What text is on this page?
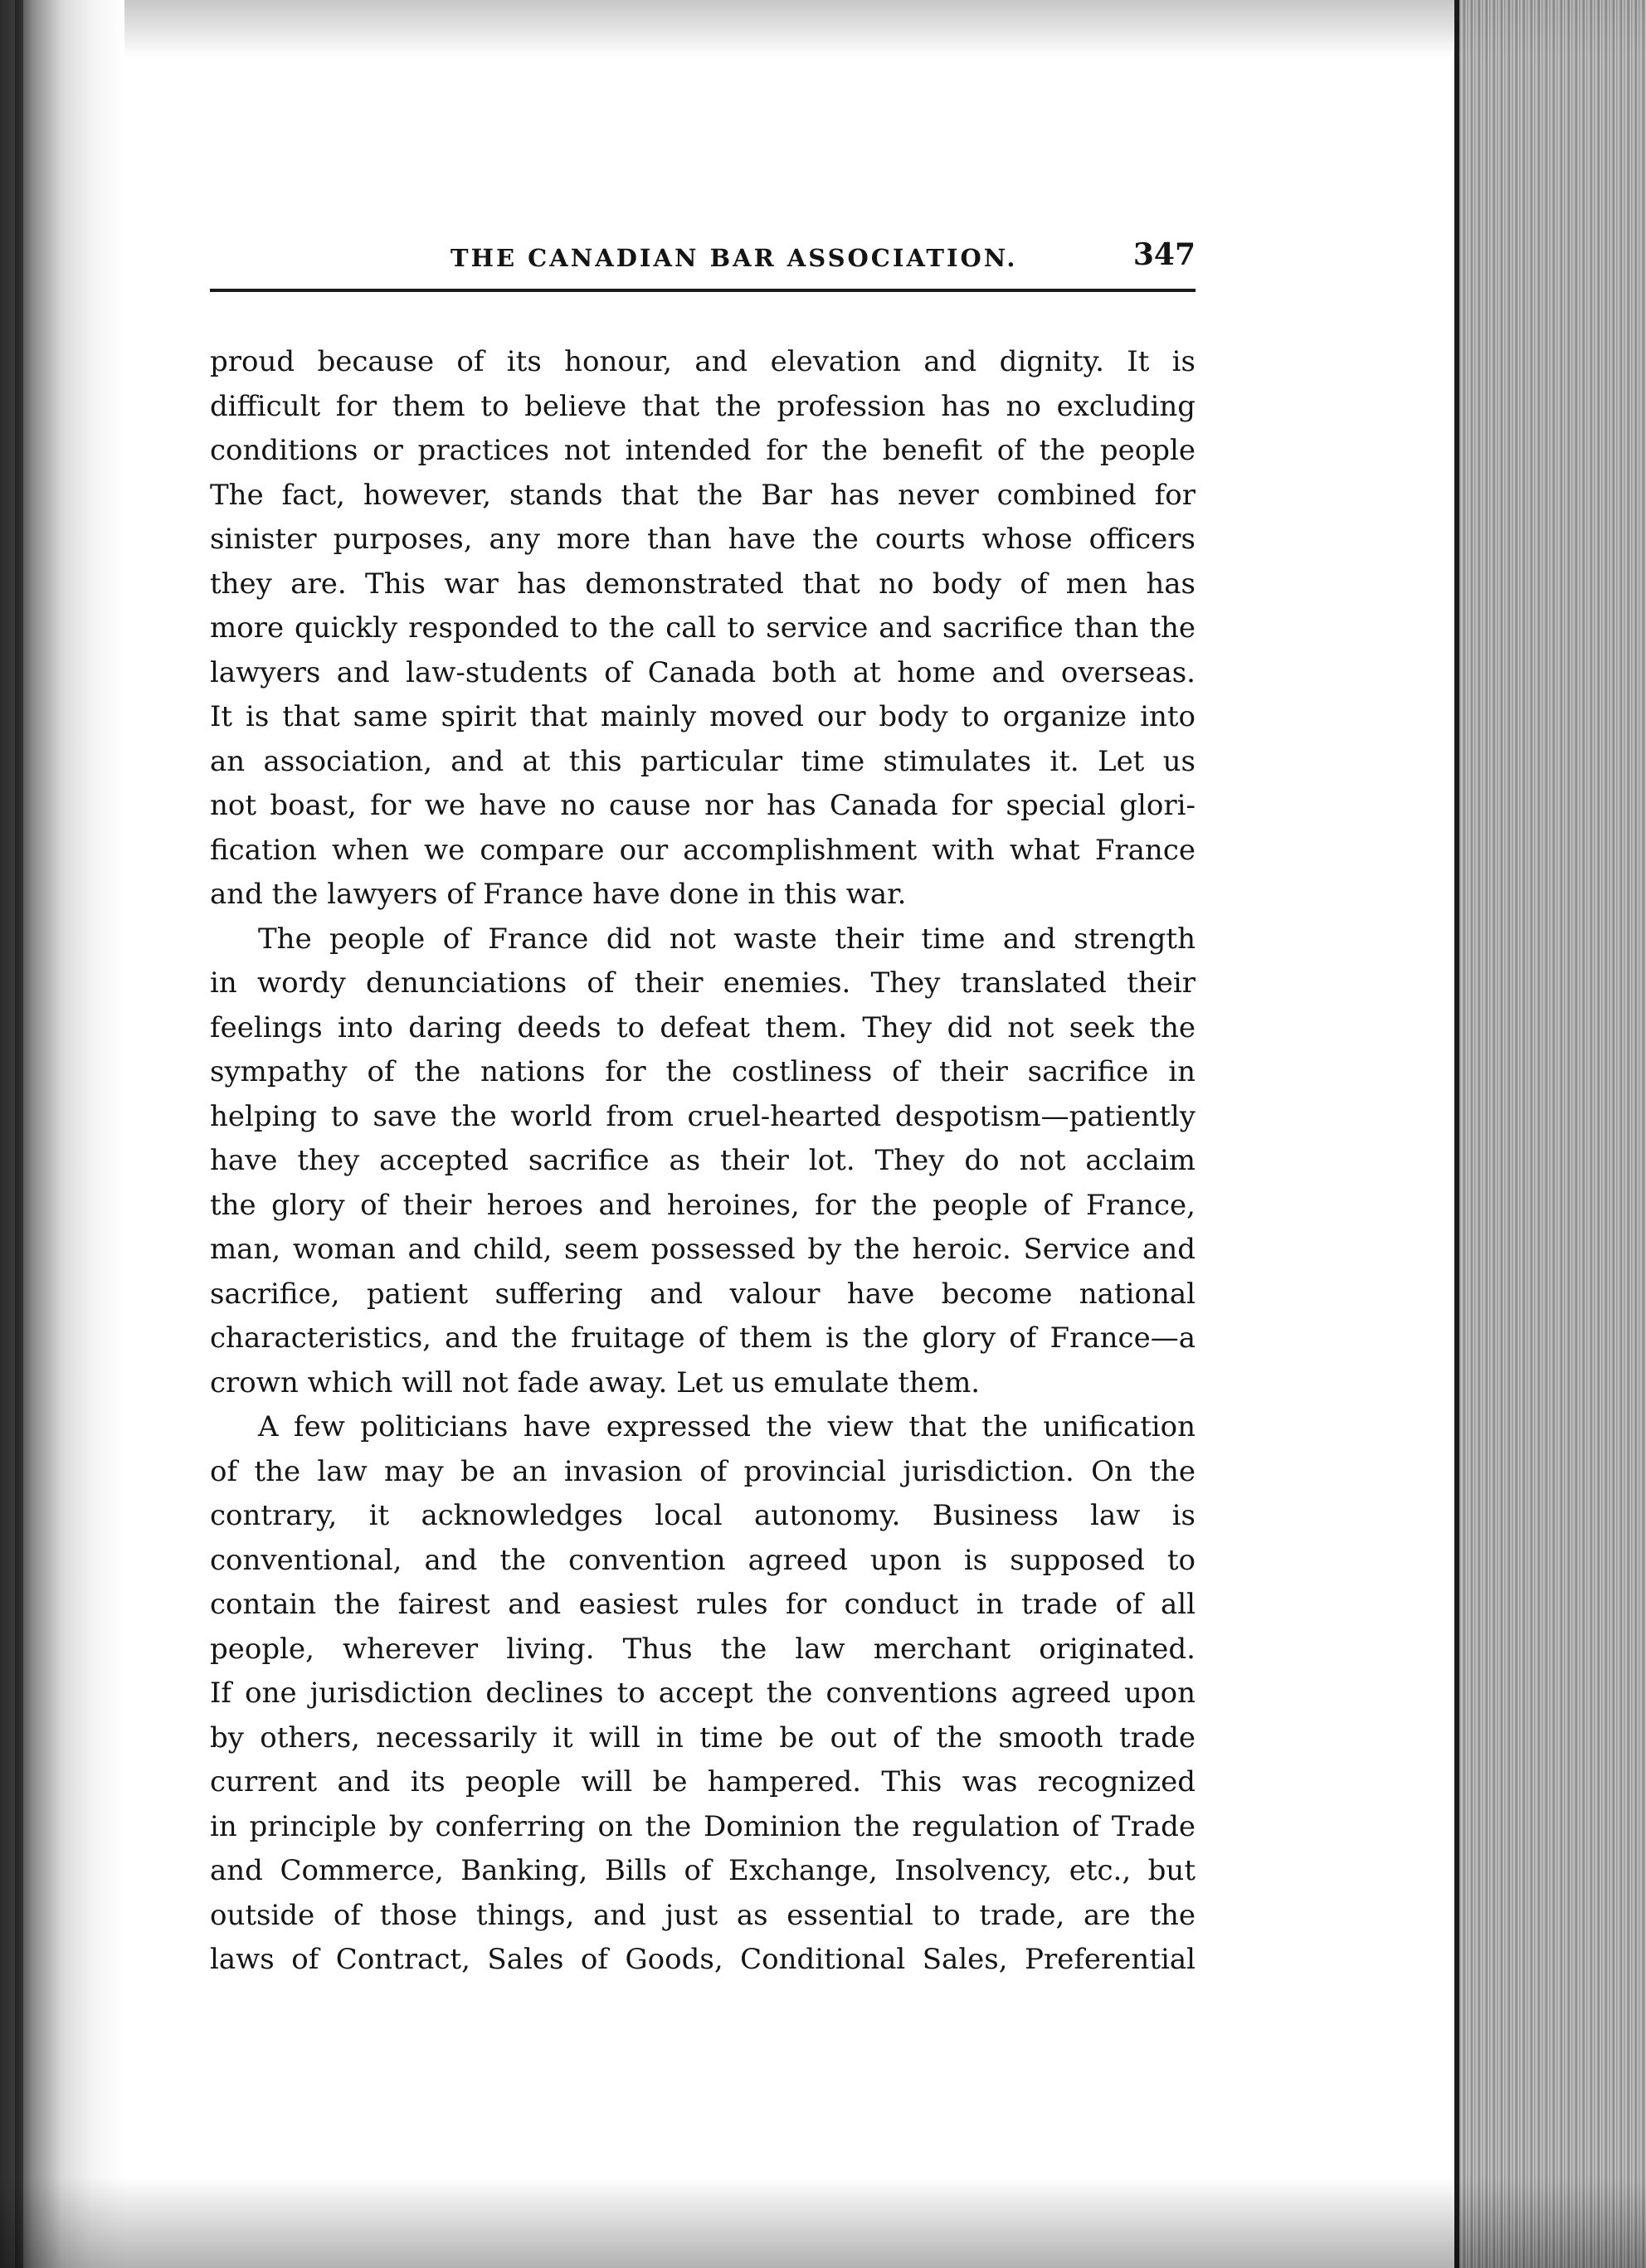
THE CANADIAN BAR ASSOCIATION.	347
proud because of its honour, and elevation and dignity. It is
difficult for them to believe that the profession has no excluding
conditions or practices not intended for the benefit of the people
The fact, however, stands that the Bar has never combined for
sinister purposes, any more than have the courts whose officers
they are. This war has demonstrated that no body of men has
more quickly responded to the call to service and sacrifice than the
lawyers and law-students of Canada both at home and overseas.
It is that same spirit that mainly moved our body to organize into
an association, and at this particular time stimulates it. Let us
not boast, for we have no cause nor has Canada for special glori-
fication when we compare our accomplishment with what France
and the lawyers of France have done in this war.
The people of France did not waste their time and strength
in wordy denunciations of their enemies. They translated their
feelings into daring deeds to defeat them. They did not seek the
sympathy of the nations for the costliness of their sacrifice in
helping to save the world from cruel-hearted despotism—patiently
have they accepted sacrifice as their lot. They do not acclaim
the glory of their heroes and heroines, for the people of France,
man, woman and child, seem possessed by the heroic. Service and
sacrifice, patient suffering and valour have become national
characteristics, and the fruitage of them is the glory of France—a
crown which will not fade away. Let us emulate them.
A few politicians have expressed the view that the unification
of the law may be an invasion of provincial jurisdiction. On the
contrary, it acknowledges local autonomy. Business law is
conventional, and the convention agreed upon is supposed to
contain the fairest and easiest rules for conduct in trade of all
people, wherever living. Thus the law merchant originated.
If one jurisdiction declines to accept the conventions agreed upon
by others, necessarily it will in time be out of the smooth trade
current and its people will be hampered. This was recognized
in principle by conferring on the Dominion the regulation of Trade
and Commerce, Banking, Bills of Exchange, Insolvency, etc., but
outside of those things, and just as essential to trade, are the
laws of Contract, Sales of Goods, Conditional Sales, Preferential
